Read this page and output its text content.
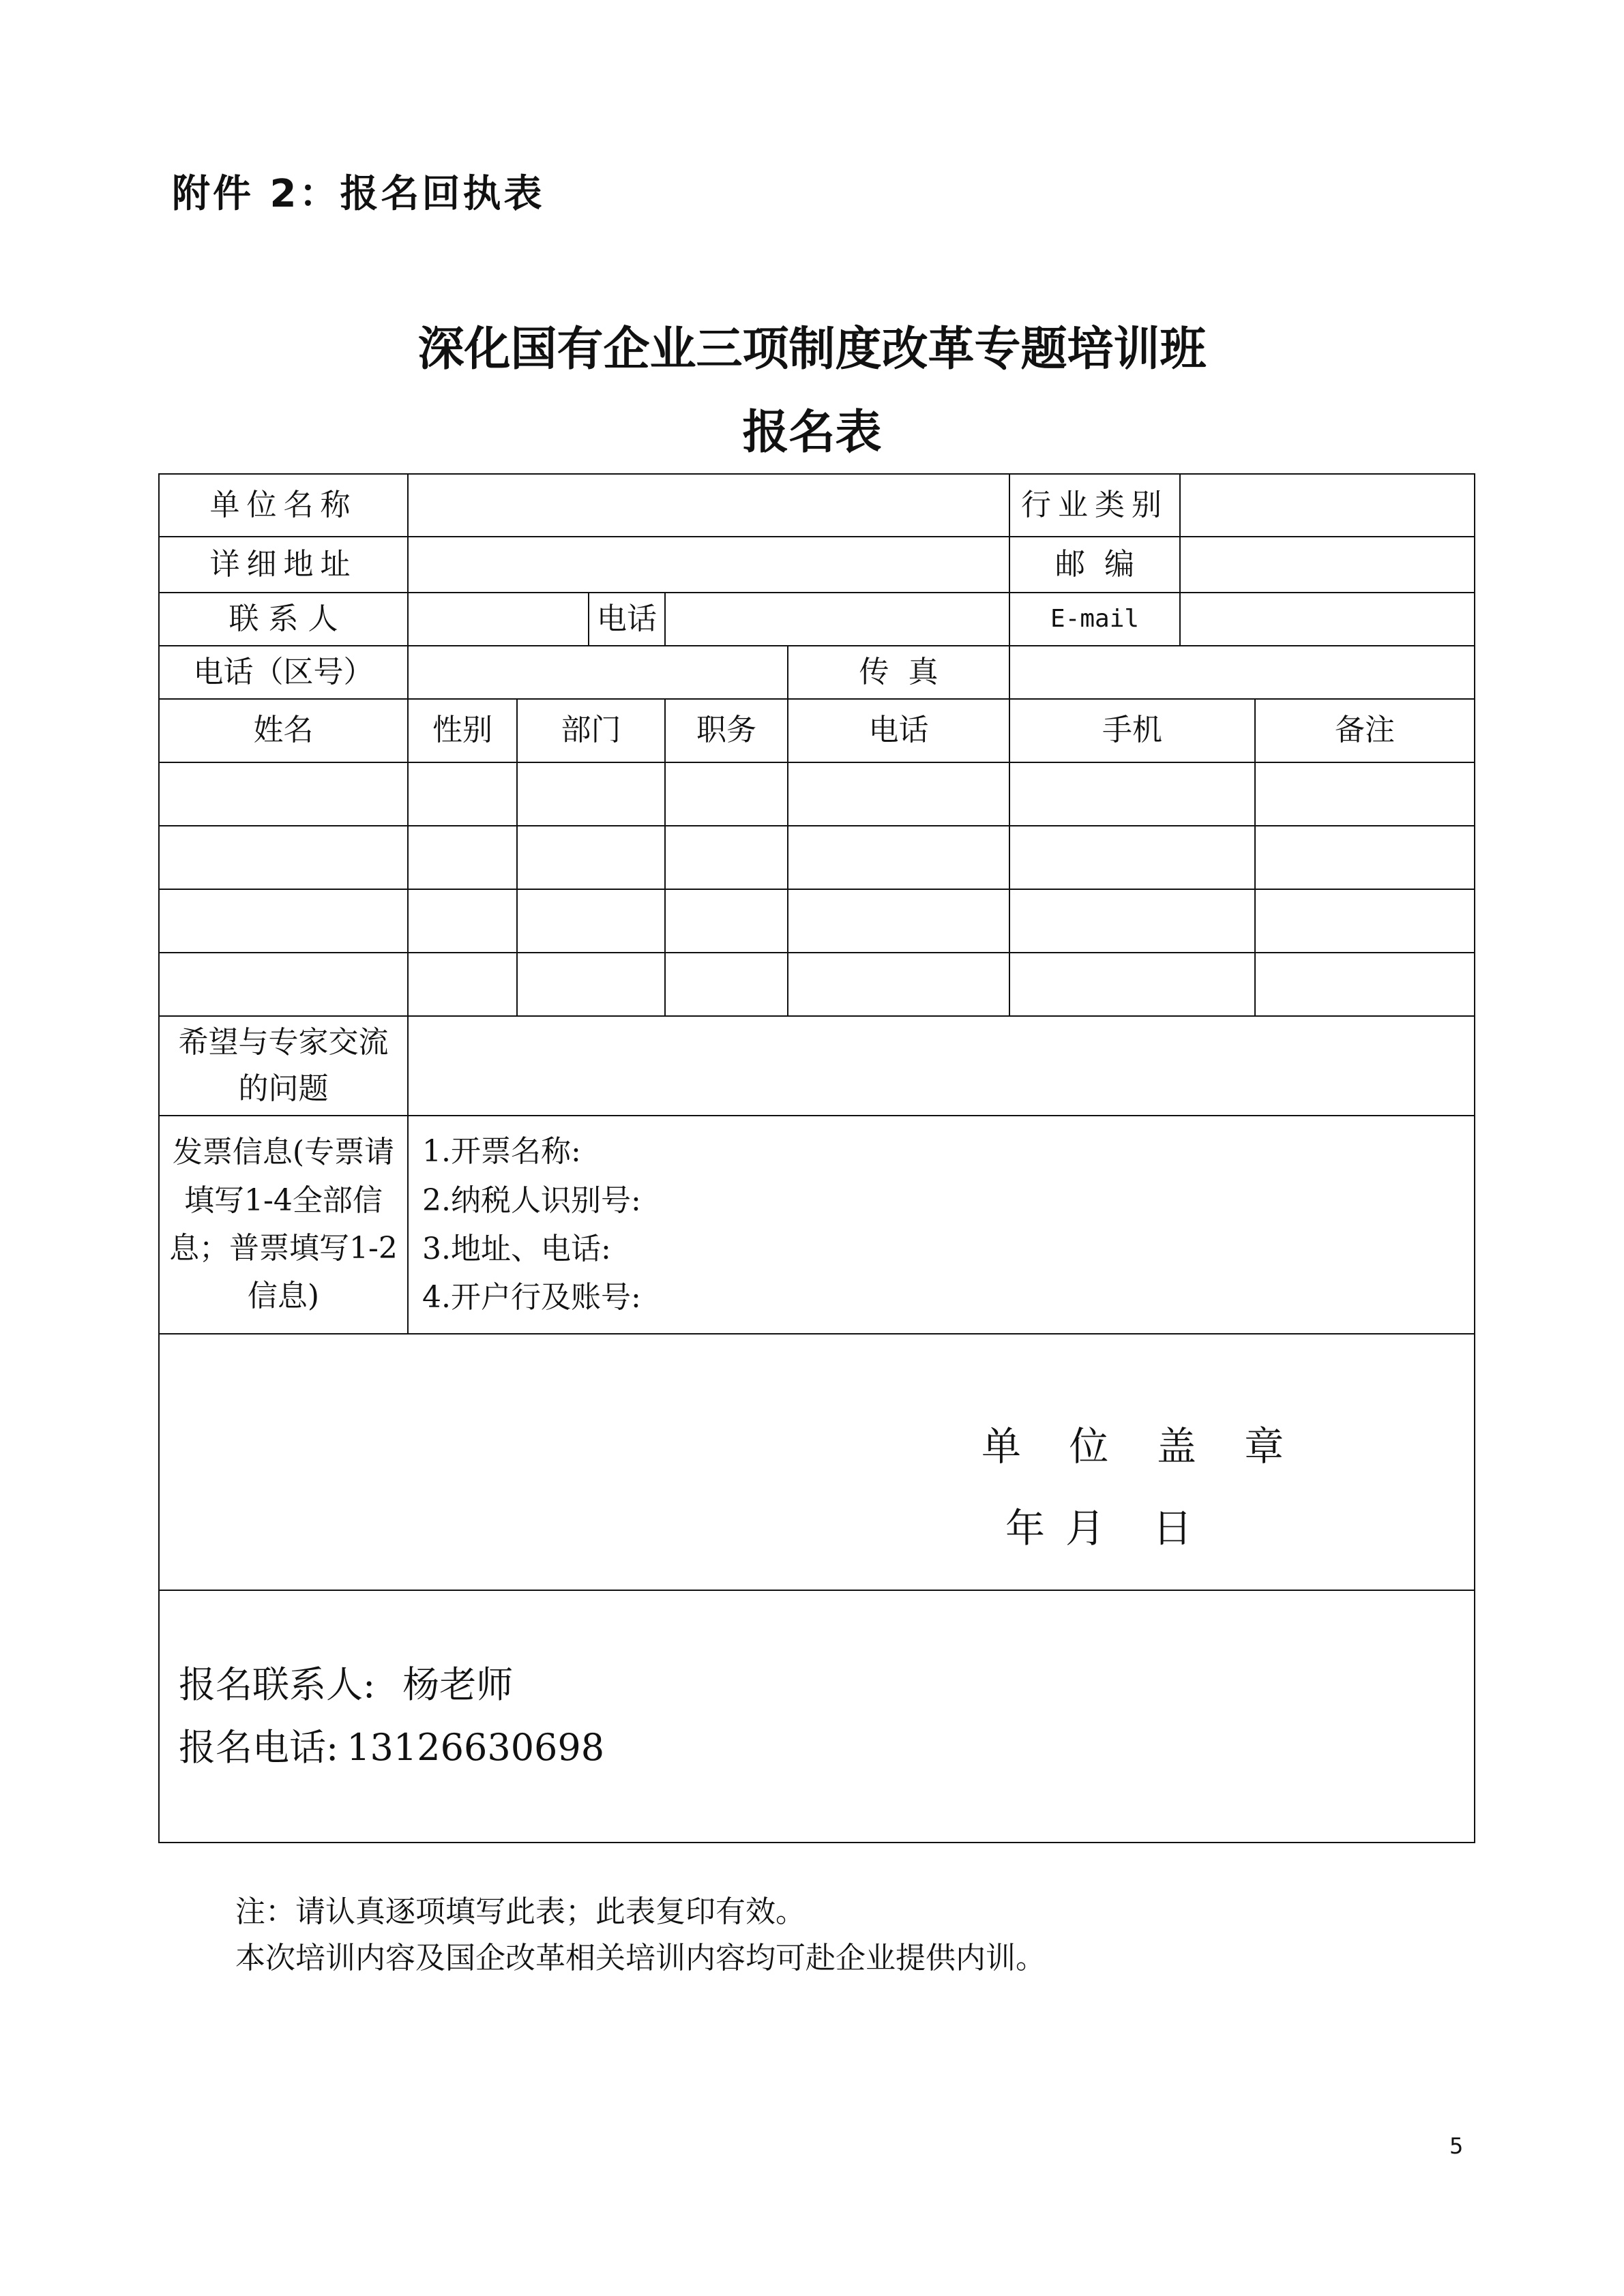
附件 2：报名回执表
深化国有企业三项制度改革专题培训班
报名表
单位名称						行业类别		
详细地址						邮  编		
联 系 人			电话			E-mail		
电话（区号）					传  真			
姓名	性别	部门		职务	电话	手机		备注

希望与专家交流的问题								
发票信息(专票请填写1-4全部信息；普票填写1-2信息)	1.开票名称:
2.纳税人识别号:
3.地址、电话:
4.开户行及账号:							

单 位 盖 章
年月 日								

报名联系人: 杨老师
报名电话: 13126630698								
注：请认真逐项填写此表；此表复印有效。
本次培训内容及国企改革相关培训内容均可赴企业提供内训。
5
